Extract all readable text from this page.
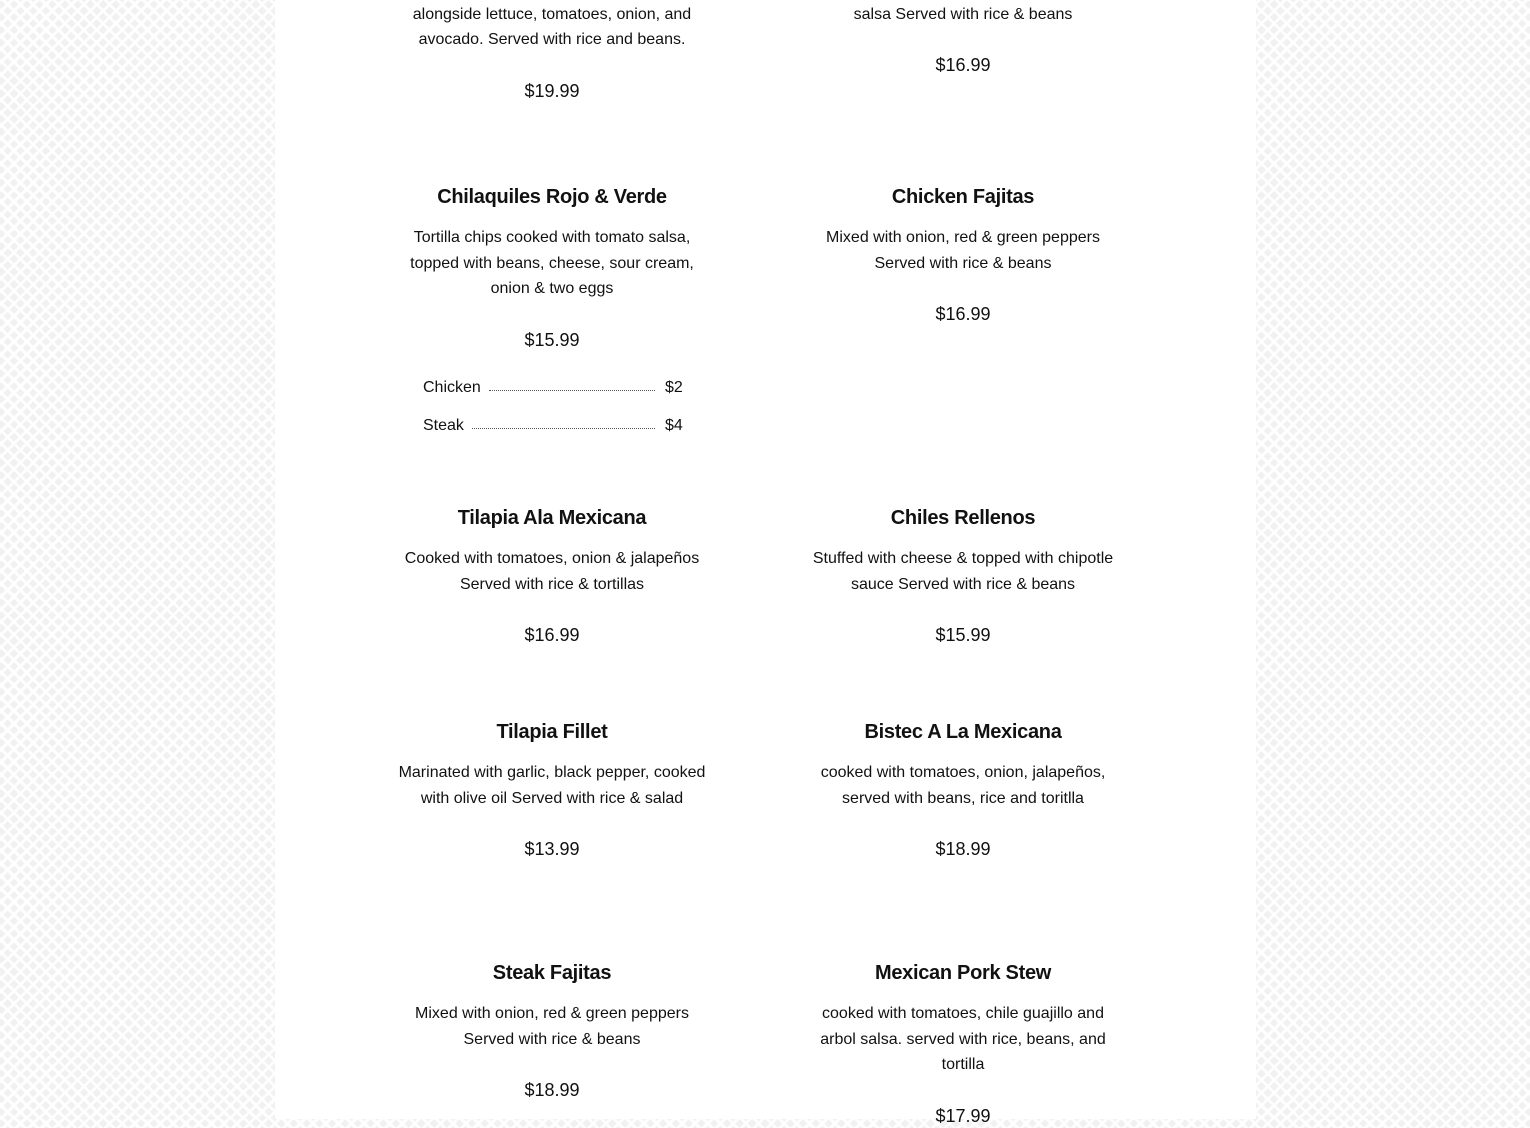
alongside lettuce, tomatoes, onion, and avocado. Served with rice and beans.

$19.99

salsa Served with rice & beans

$16.99
Chilaquiles Rojo & Verde

Tortilla chips cooked with tomato salsa, topped with beans, cheese, sour cream, onion & two eggs

$15.99
Chicken	$2
Steak	$4
Chicken Fajitas

Mixed with onion, red & green peppers Served with rice & beans

$16.99
Tilapia Ala Mexicana

Cooked with tomatoes, onion & jalapeños Served with rice & tortillas

$16.99
Chiles Rellenos

Stuffed with cheese & topped with chipotle sauce Served with rice & beans

$15.99
Tilapia Fillet

Marinated with garlic, black pepper, cooked with olive oil Served with rice & salad

$13.99
Bistec A La Mexicana

cooked with tomatoes, onion, jalapeños, served with beans, rice and toritlla

$18.99
Steak Fajitas

Mixed with onion, red & green peppers Served with rice & beans

$18.99
Mexican Pork Stew

cooked with tomatoes, chile guajillo and arbol salsa. served with rice, beans, and tortilla

$17.99
